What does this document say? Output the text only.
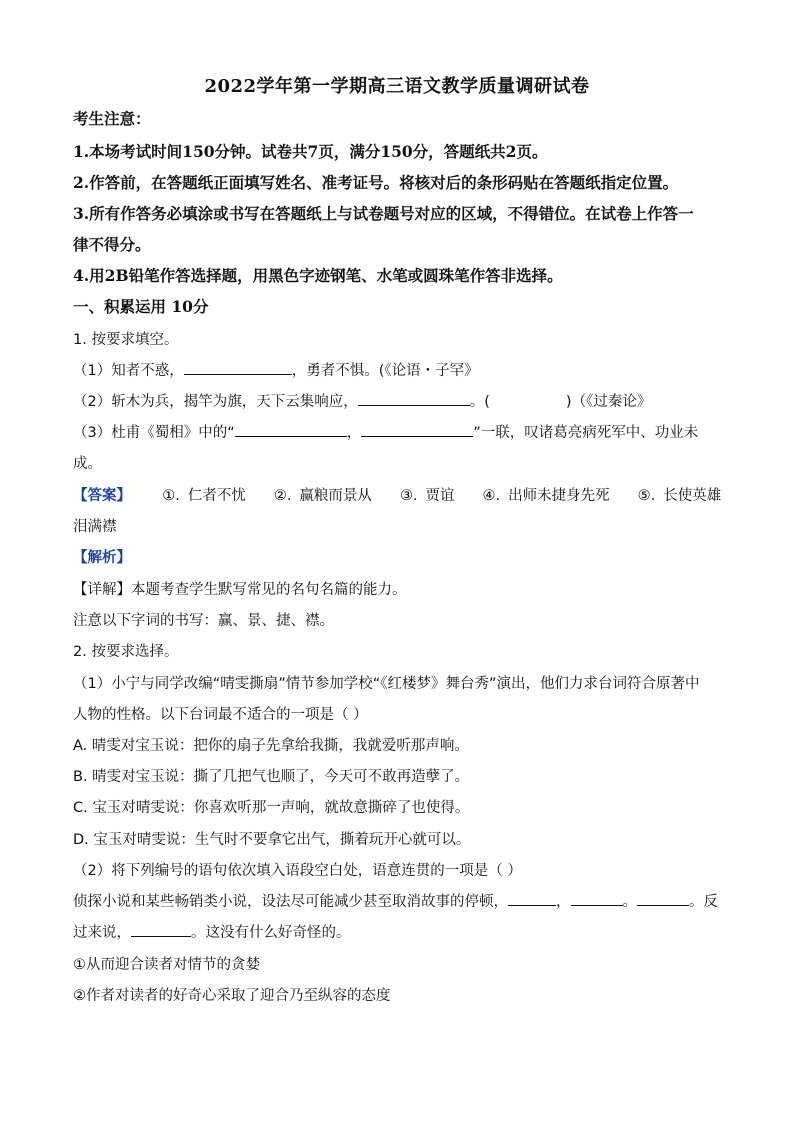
2022学年第一学期高三语文教学质量调研试卷
考生注意：
1.本场考试时间150分钟。试卷共7页，满分150分，答题纸共2页。
2.作答前，在答题纸正面填写姓名、准考证号。将核对后的条形码贴在答题纸指定位置。
3.所有作答务必填涂或书写在答题纸上与试卷题号对应的区域，不得错位。在试卷上作答一
律不得分。
4.用2B铅笔作答选择题，用黑色字迹钢笔、水笔或圆珠笔作答非选择。
一、积累运用 10分
1. 按要求填空。
（1）知者不惑，	，勇者不惧。(《论语・子罕》
（2）斩木为兵，揭竿为旗，天下云集响应，	。(	)（《过秦论》
（3）杜甫《蜀相》中的“	，	”一联，叹诸葛亮病死军中、功业未
成。
【答案】 ①. 仁者不忧 ②. 赢粮而景从 ③. 贾谊 ④. 出师未捷身先死 ⑤. 长使英雄
泪满襟
【解析】
【详解】本题考查学生默写常见的名句名篇的能力。
注意以下字词的书写：赢、景、捷、襟。
2. 按要求选择。
（1）小宁与同学改编“晴雯撕扇”情节参加学校“《红楼梦》舞台秀”演出，他们力求台词符合原著中
人物的性格。以下台词最不适合的一项是（ ）
A. 晴雯对宝玉说：把你的扇子先拿给我撕，我就爱听那声响。
B. 晴雯对宝玉说：撕了几把气也顺了，今天可不敢再造孽了。
C. 宝玉对晴雯说：你喜欢听那一声响，就故意撕碎了也使得。
D. 宝玉对晴雯说：生气时不要拿它出气，撕着玩开心就可以。
（2）将下列编号的语句依次填入语段空白处，语意连贯的一项是（ ）
侦探小说和某些畅销类小说，设法尽可能减少甚至取消故事的停顿，	，	。	。反
过来说，	。这没有什么好奇怪的。
①从而迎合读者对情节的贪婪
②作者对读者的好奇心采取了迎合乃至纵容的态度
